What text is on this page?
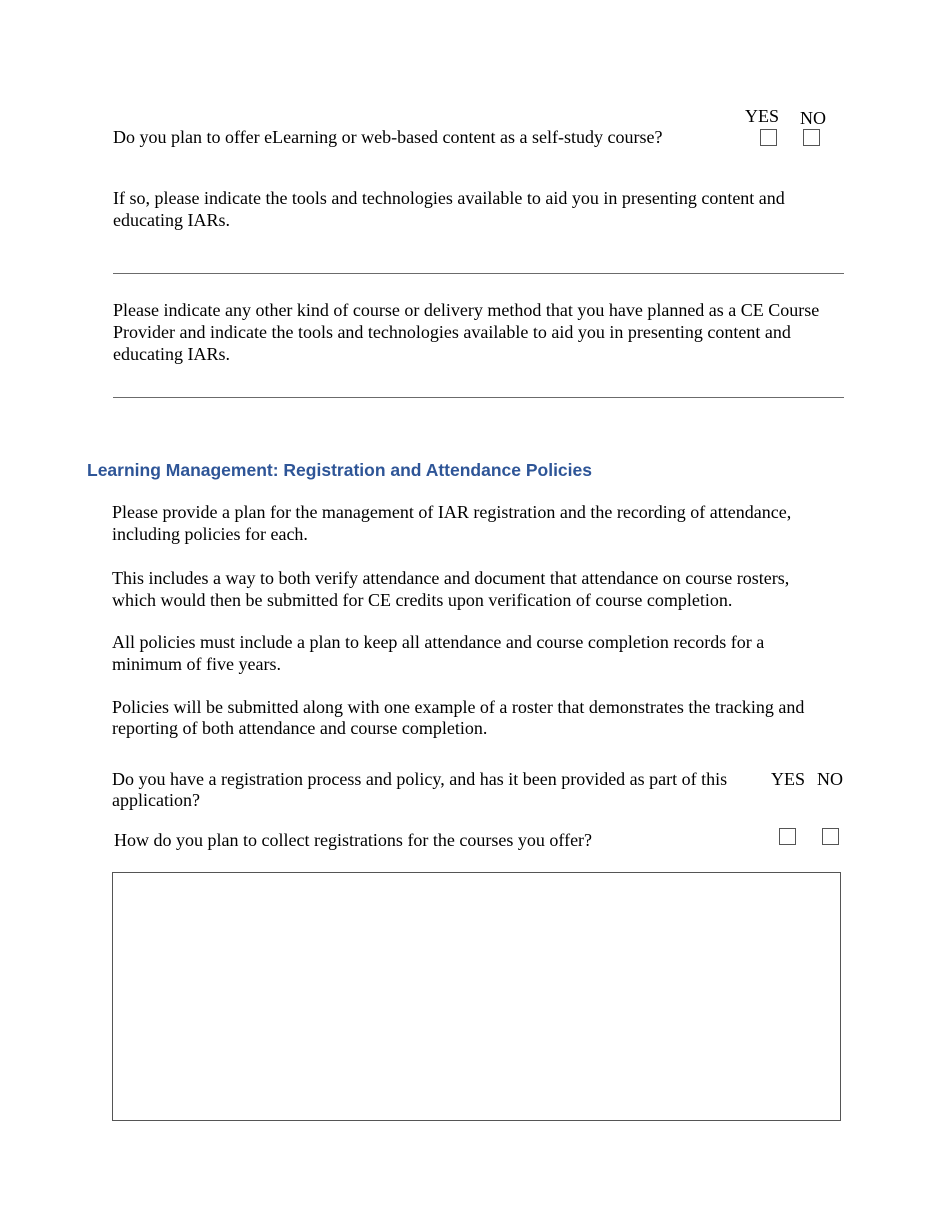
YES NO
Do you plan to offer eLearning or web-based content as a self-study course?
If so, please indicate the tools and technologies available to aid you in presenting content and
educating IARs.
Please indicate any other kind of course or delivery method that you have planned as a CE Course
Provider and indicate the tools and technologies available to aid you in presenting content and
educating IARs.
Learning Management: Registration and Attendance Policies
Please provide a plan for the management of IAR registration and the recording of attendance,
including policies for each.
This includes a way to both verify attendance and document that attendance on course rosters,
which would then be submitted for CE credits upon verification of course completion.
All policies must include a plan to keep all attendance and course completion records for a
minimum of five years.
Policies will be submitted along with one example of a roster that demonstrates the tracking and
reporting of both attendance and course completion.
Do you have a registration process and policy, and has it been provided as part of this
application?
YES NO
How do you plan to collect registrations for the courses you offer?
